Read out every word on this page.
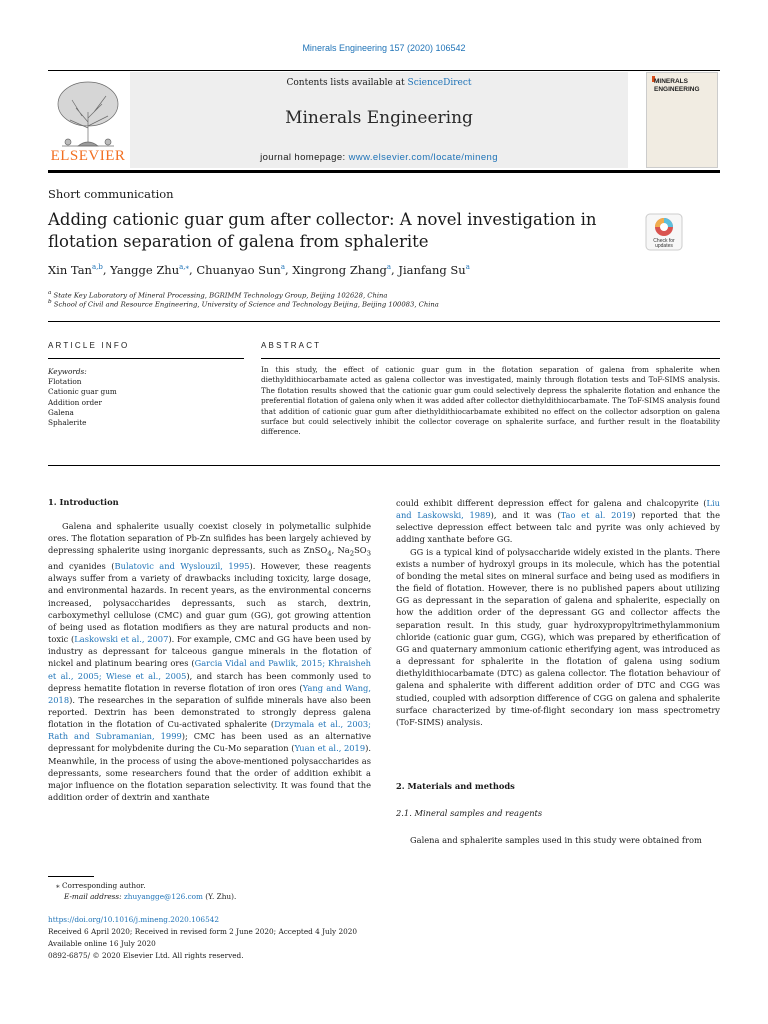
Minerals Engineering 157 (2020) 106542
Contents lists available at ScienceDirect
Minerals Engineering
journal homepage: www.elsevier.com/locate/mineng
ELSEVIER
MINERALS
ENGINEERING
Short communication
Adding cationic guar gum after collector: A novel investigation in flotation separation of galena from sphalerite	Check for
updates
Xin Tan$^{a,b}$, Yangge Zhu$^{a,⁎}$, Chuanyao Sun$^a$, Xingrong Zhang$^a$, Jianfang Su$^a$
$^a$ State Key Laboratory of Mineral Processing, BGRIMM Technology Group, Beijing 102628, China
$^b$ School of Civil and Resource Engineering, University of Science and Technology Beijing, Beijing 100083, China
ARTICLE INFO	ABSTRACT
Keywords:
Flotation
Cationic guar gum
Addition order
Galena
Sphalerite
In this study, the effect of cationic guar gum in the flotation separation of galena from sphalerite when diethyldithiocarbamate acted as galena collector was investigated, mainly through flotation tests and ToF-SIMS analysis. The flotation results showed that the cationic guar gum could selectively depress the sphalerite flotation and enhance the preferential flotation of galena only when it was added after collector diethyldithiocarbamate. The ToF-SIMS analysis found that addition of cationic guar gum after diethyldithiocarbamate exhibited no effect on the collector adsorption on galena surface but could selectively inhibit the collector coverage on sphalerite surface, and further result in the floatability difference.
1. Introduction

Galena and sphalerite usually coexist closely in polymetallic sulphide ores. The flotation separation of Pb-Zn sulfides has been largely achieved by depressing sphalerite using inorganic depressants, such as ZnSO$_4$, $Na_2SO_3$ and cyanides (Bulatovic and Wyslouzil, 1995). However, these reagents always suffer from a variety of drawbacks including toxicity, large dosage, and environmental hazards. In recent years, as the environmental concerns increased, polysaccharides depressants, such as starch, dextrin, carboxymethyl cellulose (CMC) and guar gum (GG), got growing attention of being used as flotation modifiers as they are natural products and non-toxic (Laskowski et al., 2007). For example, CMC and GG have been used by industry as depressant for talceous gangue minerals in the flotation of nickel and platinum bearing ores (Garcia Vidal and Pawlik, 2015; Khraisheh et al., 2005; Wiese et al., 2005), and starch has been commonly used to depress hematite flotation in reverse flotation of iron ores (Yang and Wang, 2018). The researches in the separation of sulfide minerals have also been reported. Dextrin has been demonstrated to strongly depress galena flotation in the flotation of Cu-activated sphalerite (Drzymala et al., 2003; Rath and Subramanian, 1999); CMC has been used as an alternative depressant for molybdenite during the Cu-Mo separation (Yuan et al., 2019). Meanwhile, in the process of using the above-mentioned polysaccharides as depressants, some researchers found that the order of addition exhibit a major influence on the flotation separation selectivity. It was found that the addition order of dextrin and xanthate

could exhibit different depression effect for galena and chalcopyrite (Liu and Laskowski, 1989), and it was (Tao et al. 2019) reported that the selective depression effect between talc and pyrite was only achieved by adding xanthate before GG.

GG is a typical kind of polysaccharide widely existed in the plants. There exists a number of hydroxyl groups in its molecule, which has the potential of bonding the metal sites on mineral surface and being used as modifiers in the field of flotation. However, there is no published papers about utilizing GG as depressant in the separation of galena and sphalerite, especially on how the addition order of the depressant GG and collector affects the separation result. In this study, guar hydroxypropyltrimethylammonium chloride (cationic guar gum, CGG), which was prepared by etherification of GG and quaternary ammonium cationic etherifying agent, was introduced as a depressant for sphalerite in the flotation of galena using sodium diethyldithiocarbamate (DTC) as galena collector. The flotation behaviour of galena and sphalerite with different addition order of DTC and CGG was studied, coupled with adsorption difference of CGG on galena and sphalerite surface characterized by time-of-flight secondary ion mass spectrometry (ToF-SIMS) analysis.

2. Materials and methods
2.1. Mineral samples and reagents

Galena and sphalerite samples used in this study were obtained from

⁎ Corresponding author.
E-mail address: zhuyangge@126.com (Y. Zhu).
https://doi.org/10.1016/j.mineng.2020.106542
Received 6 April 2020; Received in revised form 2 June 2020; Accepted 4 July 2020
Available online 16 July 2020
0892-6875/ © 2020 Elsevier Ltd. All rights reserved.
